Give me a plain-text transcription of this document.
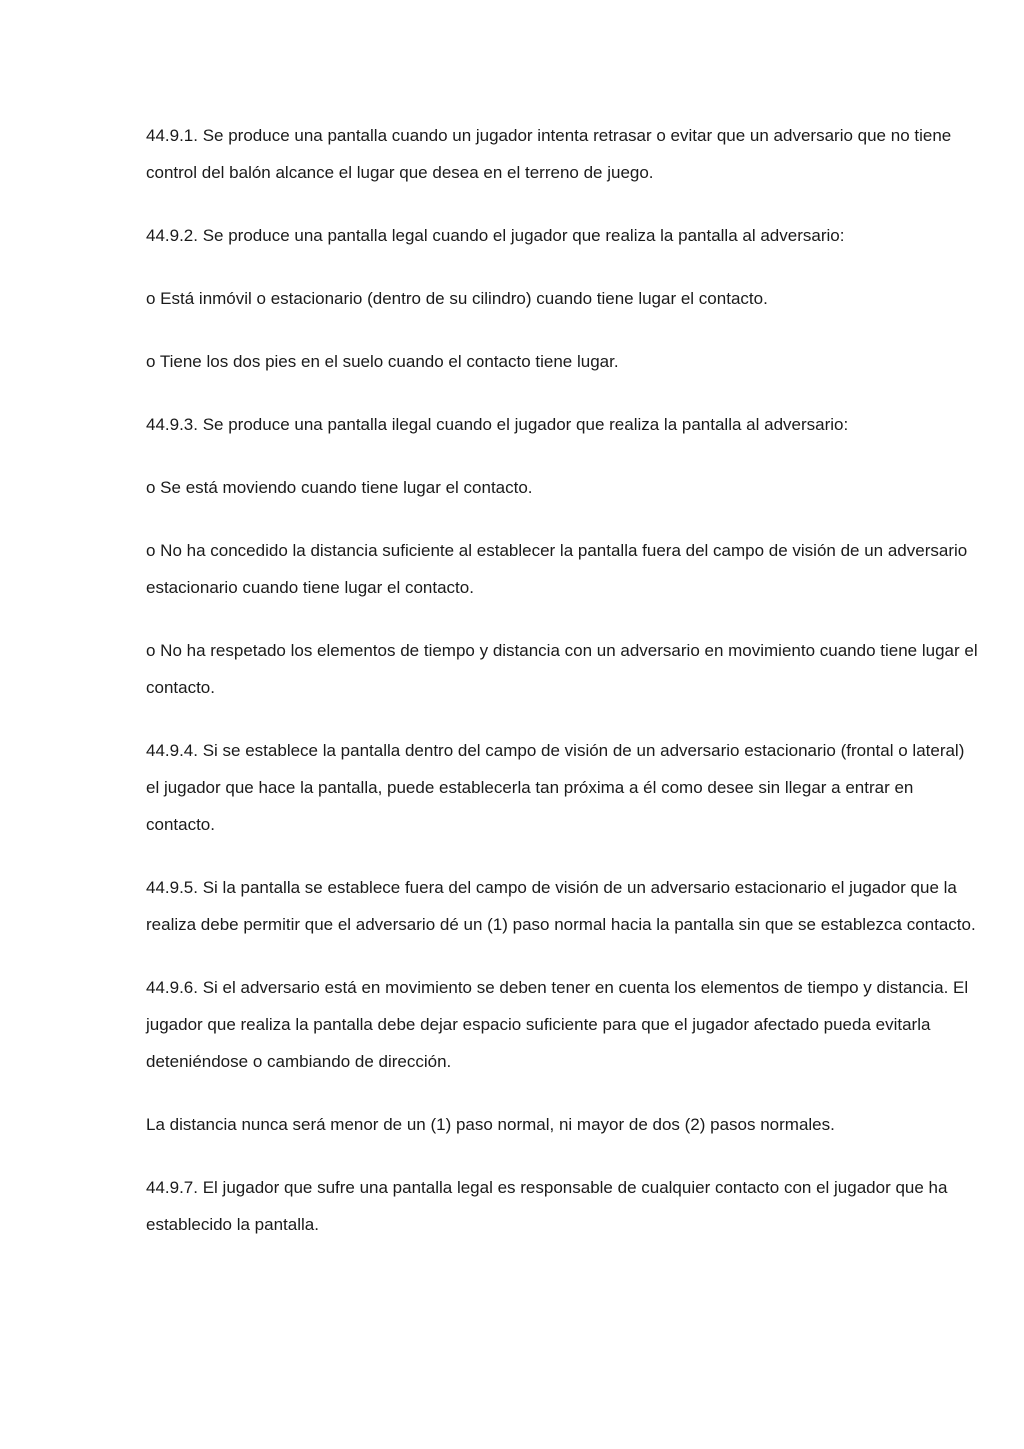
44.9.1. Se produce una pantalla cuando un jugador intenta retrasar o evitar que un adversario que no tiene control del balón alcance el lugar que desea en el terreno de juego.

44.9.2. Se produce una pantalla legal cuando el jugador que realiza la pantalla al adversario:

o Está inmóvil o estacionario (dentro de su cilindro) cuando tiene lugar el contacto.

o Tiene los dos pies en el suelo cuando el contacto tiene lugar.

44.9.3. Se produce una pantalla ilegal cuando el jugador que realiza la pantalla al adversario:

o Se está moviendo cuando tiene lugar el contacto.

o No ha concedido la distancia suficiente al establecer la pantalla fuera del campo de visión de un adversario estacionario cuando tiene lugar el contacto.

o No ha respetado los elementos de tiempo y distancia con un adversario en movimiento cuando tiene lugar el contacto.

44.9.4. Si se establece la pantalla dentro del campo de visión de un adversario estacionario (frontal o lateral) el jugador que hace la pantalla, puede establecerla tan próxima a él como desee sin llegar a entrar en contacto.

44.9.5. Si la pantalla se establece fuera del campo de visión de un adversario estacionario el jugador que la realiza debe permitir que el adversario dé un (1) paso normal hacia la pantalla sin que se establezca contacto.

44.9.6. Si el adversario está en movimiento se deben tener en cuenta los elementos de tiempo y distancia. El jugador que realiza la pantalla debe dejar espacio suficiente para que el jugador afectado pueda evitarla deteniéndose o cambiando de dirección.

La distancia nunca será menor de un (1) paso normal, ni mayor de dos (2) pasos normales.

44.9.7. El jugador que sufre una pantalla legal es responsable de cualquier contacto con el jugador que ha establecido la pantalla.
